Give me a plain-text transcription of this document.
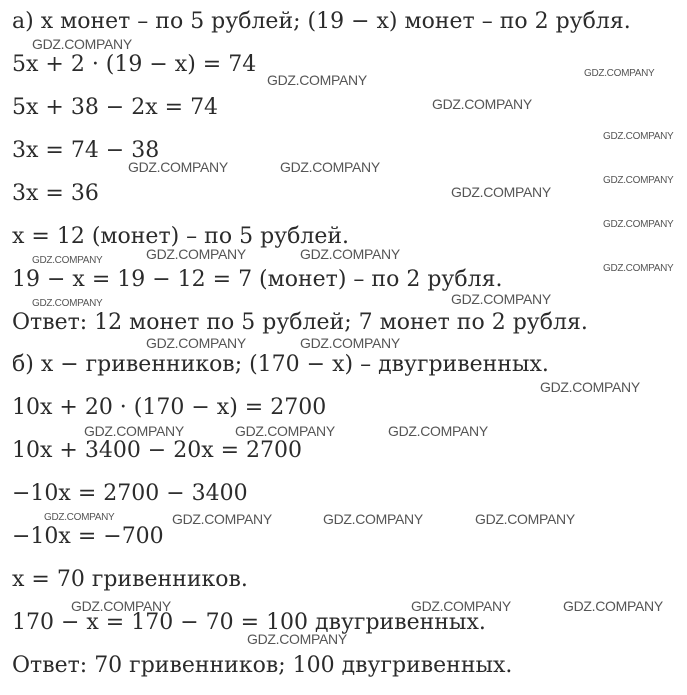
а) x монет – по 5 рублей; (19 − x) монет – по 2 рубля.
5x + 2 · (19 − x) = 74
5x + 38 − 2x = 74
3x = 74 − 38
3x = 36
x = 12 (монет) – по 5 рублей.
19 − x = 19 − 12 = 7 (монет) – по 2 рубля.
Ответ: 12 монет по 5 рублей; 7 монет по 2 рубля.
б) x − гривенников; (170 − x) – двугривенных.
10x + 20 · (170 − x) = 2700
10x + 3400 − 20x = 2700
−10x = 2700 − 3400
−10x = −700
x = 70 гривенников.
170 − x = 170 − 70 = 100 двугривенных.
Ответ: 70 гривенников; 100 двугривенных.
GDZ.COMPANY
GDZ.COMPANY	GDZ.COMPANY
GDZ.COMPANY
GDZ.COMPANY
GDZ.COMPANY	GDZ.COMPANY
GDZ.COMPANY
GDZ.COMPANY
GDZ.COMPANY
GDZ.COMPANY	GDZ.COMPANY	GDZ.COMPANY
GDZ.COMPANY
GDZ.COMPANY	GDZ.COMPANY
GDZ.COMPANY	GDZ.COMPANY
GDZ.COMPANY
GDZ.COMPANY	GDZ.COMPANY	GDZ.COMPANY
GDZ.COMPANY	GDZ.COMPANY	GDZ.COMPANY	GDZ.COMPANY
GDZ.COMPANY	GDZ.COMPANY	GDZ.COMPANY
GDZ.COMPANY
